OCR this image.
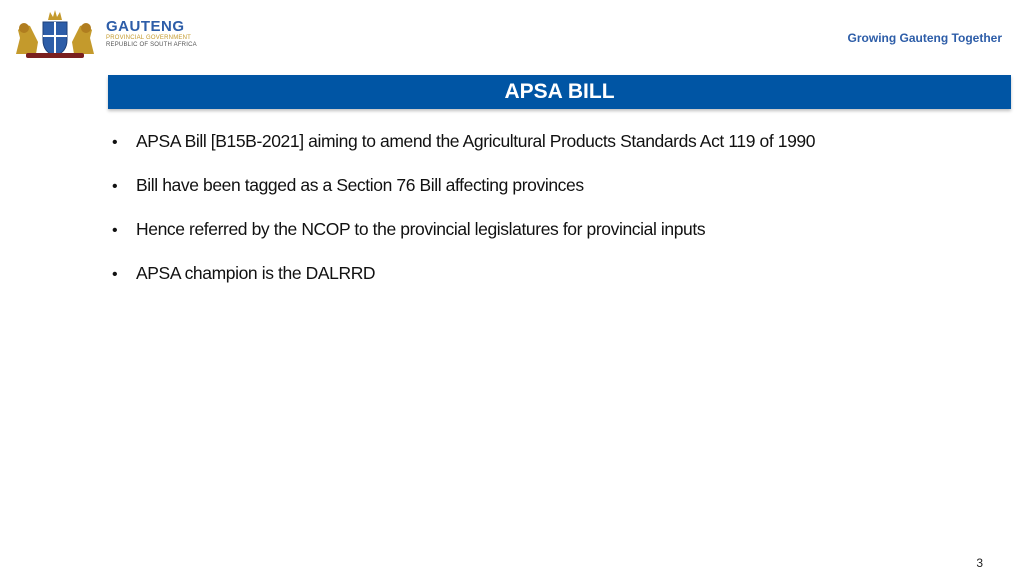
GAUTENG
PROVINCIAL GOVERNMENT
REPUBLIC OF SOUTH AFRICA	Growing Gauteng Together
APSA BILL
•	APSA Bill [B15B-2021] aiming to amend the Agricultural Products Standards Act 119 of 1990
•	Bill have been tagged as a Section 76 Bill affecting provinces
•	Hence referred by the NCOP to the provincial legislatures for provincial inputs
•	APSA champion is the DALRRD
3
